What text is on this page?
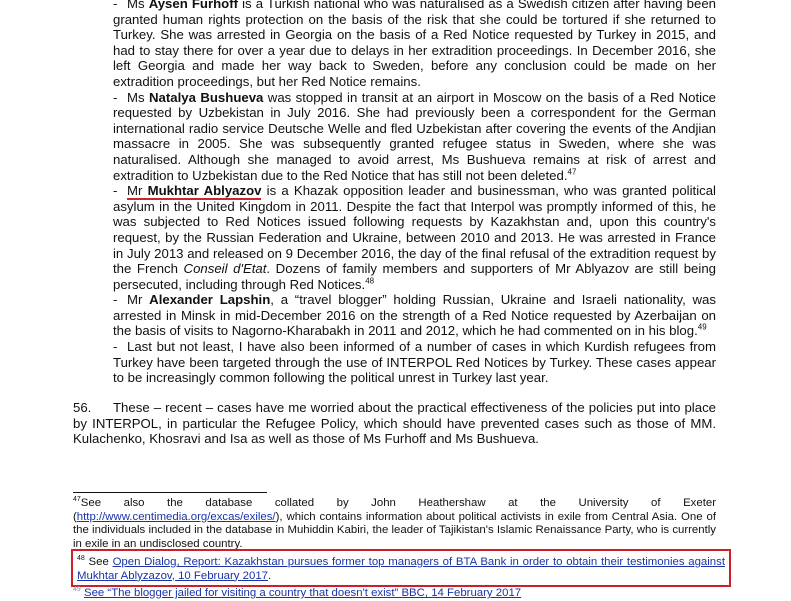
- Ms Aysen Furhoff is a Turkish national who was naturalised as a Swedish citizen after having been granted human rights protection on the basis of the risk that she could be tortured if she returned to Turkey. She was arrested in Georgia on the basis of a Red Notice requested by Turkey in 2015, and had to stay there for over a year due to delays in her extradition proceedings. In December 2016, she left Georgia and made her way back to Sweden, before any conclusion could be made on her extradition proceedings, but her Red Notice remains.

- Ms Natalya Bushueva was stopped in transit at an airport in Moscow on the basis of a Red Notice requested by Uzbekistan in July 2016. She had previously been a correspondent for the German international radio service Deutsche Welle and fled Uzbekistan after covering the events of the Andjian massacre in 2005. She was subsequently granted refugee status in Sweden, where she was naturalised. Although she managed to avoid arrest, Ms Bushueva remains at risk of arrest and extradition to Uzbekistan due to the Red Notice that has still not been deleted.$^{47}$

- Mr Mukhtar Ablyazov is a Khazak opposition leader and businessman, who was granted political asylum in the United Kingdom in 2011. Despite the fact that Interpol was promptly informed of this, he was subjected to Red Notices issued following requests by Kazakhstan and, upon this country's request, by the Russian Federation and Ukraine, between 2010 and 2013. He was arrested in France in July 2013 and released on 9 December 2016, the day of the final refusal of the extradition request by the French Conseil d'Etat. Dozens of family members and supporters of Mr Ablyazov are still being persecuted, including through Red Notices.$^{48}$

- Mr Alexander Lapshin, a “travel blogger” holding Russian, Ukraine and Israeli nationality, was arrested in Minsk in mid-December 2016 on the strength of a Red Notice requested by Azerbaijan on the basis of visits to Nagorno-Kharabakh in 2011 and 2012, which he had commented on in his blog.$^{49}$

- Last but not least, I have also been informed of a number of cases in which Kurdish refugees from Turkey have been targeted through the use of INTERPOL Red Notices by Turkey. These cases appear to be increasingly common following the political unrest in Turkey last year.

56. These – recent – cases have me worried about the practical effectiveness of the policies put into place by INTERPOL, in particular the Refugee Policy, which should have prevented cases such as those of MM. Kulachenko, Khosravi and Isa as well as those of Ms Furhoff and Ms Bushueva.
$^{47}$See also the database collated by John Heathershaw at the University of Exeter (http://www.centimedia.org/excas/exiles/), which contains information about political activists in exile from Central Asia. One of the individuals included in the database in Muhiddin Kabiri, the leader of Tajikistan's Islamic Renaissance Party, who is currently in exile in an undisclosed country.
$^{48}$ See Open Dialog, Report: Kazakhstan pursues former top managers of BTA Bank in order to obtain their testimonies against Mukhtar Ablyzazov, 10 February 2017.
$^{49}$ See “The blogger jailed for visiting a country that doesn't exist” BBC, 14 February 2017
